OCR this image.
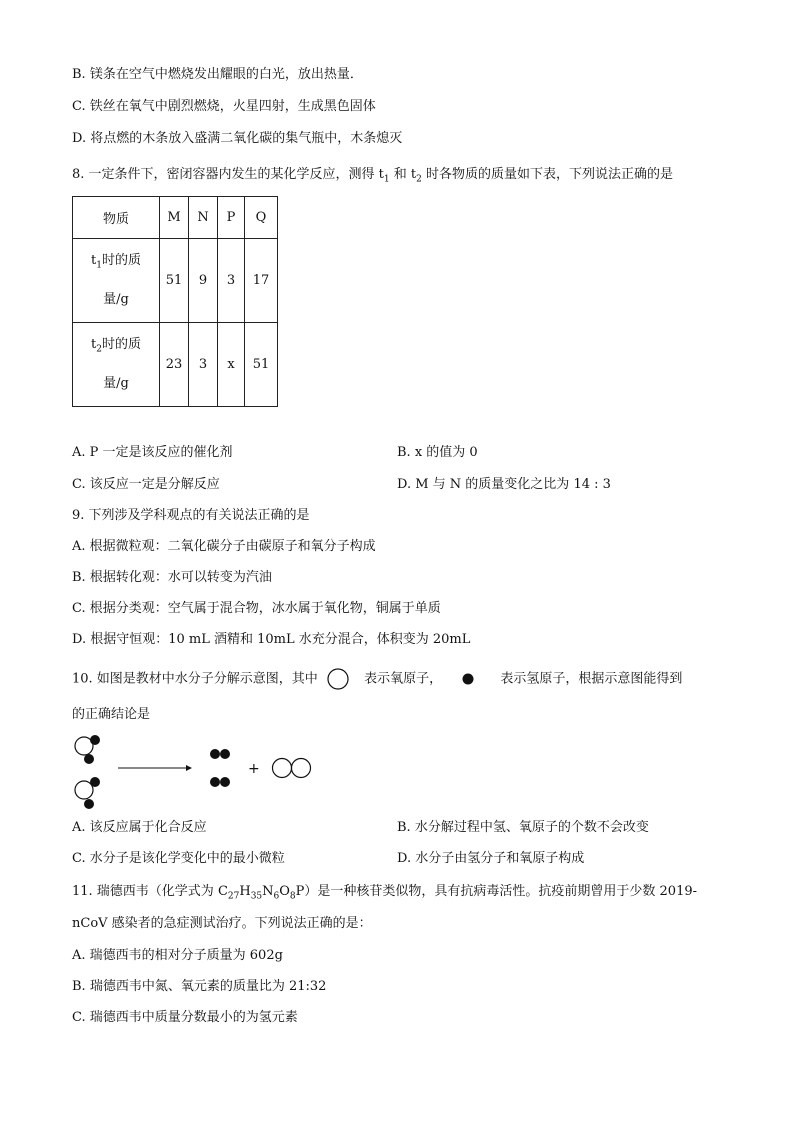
B. 镁条在空气中燃烧发出耀眼的白光，放出热量．
C. 铁丝在氧气中剧烈燃烧，火星四射，生成黑色固体
D. 将点燃的木条放入盛满二氧化碳的集气瓶中，木条熄灭
8. 一定条件下，密闭容器内发生的某化学反应，测得 $t_1$ 和 $t_2$ 时各物质的质量如下表，下列说法正确的是
物质	M	N	P	Q
$t_1$时的质
量/g	51	9	3	17
$t_2$时的质
量/g	23	3	x	51
A. P 一定是该反应的催化剂	B. x 的值为 0
C. 该反应一定是分解反应	D. M 与 N 的质量变化之比为 14 : 3
9. 下列涉及学科观点的有关说法正确的是
A. 根据微粒观：二氧化碳分子由碳原子和氧分子构成
B. 根据转化观：水可以转变为汽油
C. 根据分类观：空气属于混合物，冰水属于氧化物，铜属于单质
D. 根据守恒观：10 mL 酒精和 10mL 水充分混合，体积变为 20mL
10. 如图是教材中水分子分解示意图，其中	表示氧原子，	表示氢原子，根据示意图能得到
的正确结论是
+
A. 该反应属于化合反应	B. 水分解过程中氢、氧原子的个数不会改变
C. 水分子是该化学变化中的最小微粒	D. 水分子由氢分子和氧原子构成
11. 瑞德西韦（化学式为 $C_{27}H_{35}N_6O_8P$）是一种核苷类似物，具有抗病毒活性。抗疫前期曾用于少数 2019-
nCoV 感染者的急症测试治疗。下列说法正确的是：
A. 瑞德西韦的相对分子质量为 602g
B. 瑞德西韦中氮、氧元素的质量比为 21:32
C. 瑞德西韦中质量分数最小的为氢元素
